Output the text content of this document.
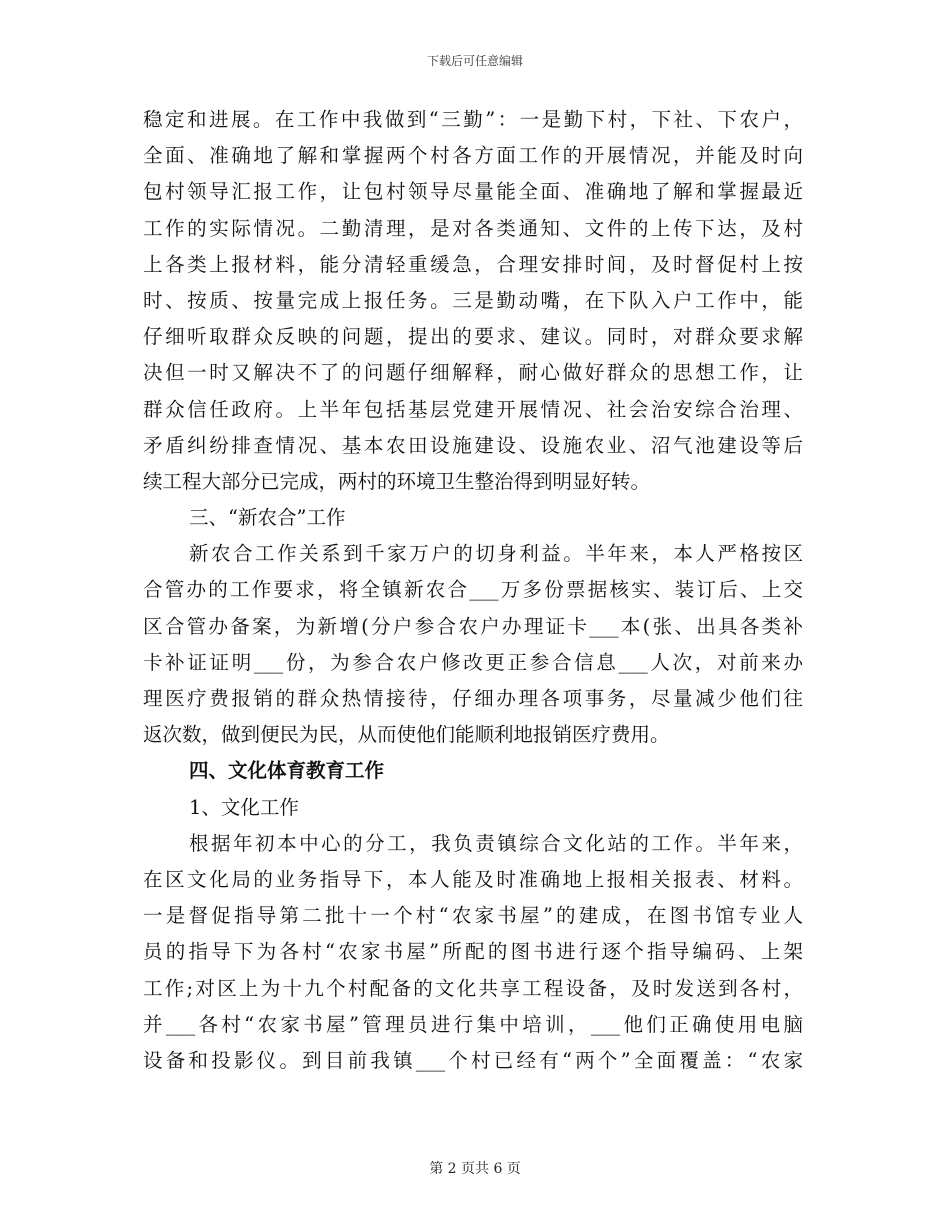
下载后可任意编辑
稳定和进展。在工作中我做到“三勤”：一是勤下村，下社、下农户，
全面、准确地了解和掌握两个村各方面工作的开展情况，并能及时向
包村领导汇报工作，让包村领导尽量能全面、准确地了解和掌握最近
工作的实际情况。二勤清理，是对各类通知、文件的上传下达，及村
上各类上报材料，能分清轻重缓急，合理安排时间，及时督促村上按
时、按质、按量完成上报任务。三是勤动嘴，在下队入户工作中，能
仔细听取群众反映的问题，提出的要求、建议。同时，对群众要求解
决但一时又解决不了的问题仔细解释，耐心做好群众的思想工作，让
群众信任政府。上半年包括基层党建开展情况、社会治安综合治理、
矛盾纠纷排查情况、基本农田设施建设、设施农业、沼气池建设等后
续工程大部分已完成，两村的环境卫生整治得到明显好转。
三、“新农合”工作
新农合工作关系到千家万户的切身利益。半年来，本人严格按区
合管办的工作要求，将全镇新农合___万多份票据核实、装订后、上交
区合管办备案，为新增(分户参合农户办理证卡___本(张、出具各类补
卡补证证明___份，为参合农户修改更正参合信息___人次，对前来办
理医疗费报销的群众热情接待，仔细办理各项事务，尽量减少他们往
返次数，做到便民为民，从而使他们能顺利地报销医疗费用。
四、文化体育教育工作
1、文化工作
根据年初本中心的分工，我负责镇综合文化站的工作。半年来，
在区文化局的业务指导下，本人能及时准确地上报相关报表、材料。
一是督促指导第二批十一个村“农家书屋”的建成，在图书馆专业人
员的指导下为各村“农家书屋”所配的图书进行逐个指导编码、上架
工作;对区上为十九个村配备的文化共享工程设备，及时发送到各村，
并___各村“农家书屋”管理员进行集中培训，___他们正确使用电脑
设备和投影仪。到目前我镇___个村已经有“两个”全面覆盖：“农家
第 2 页共 6 页
